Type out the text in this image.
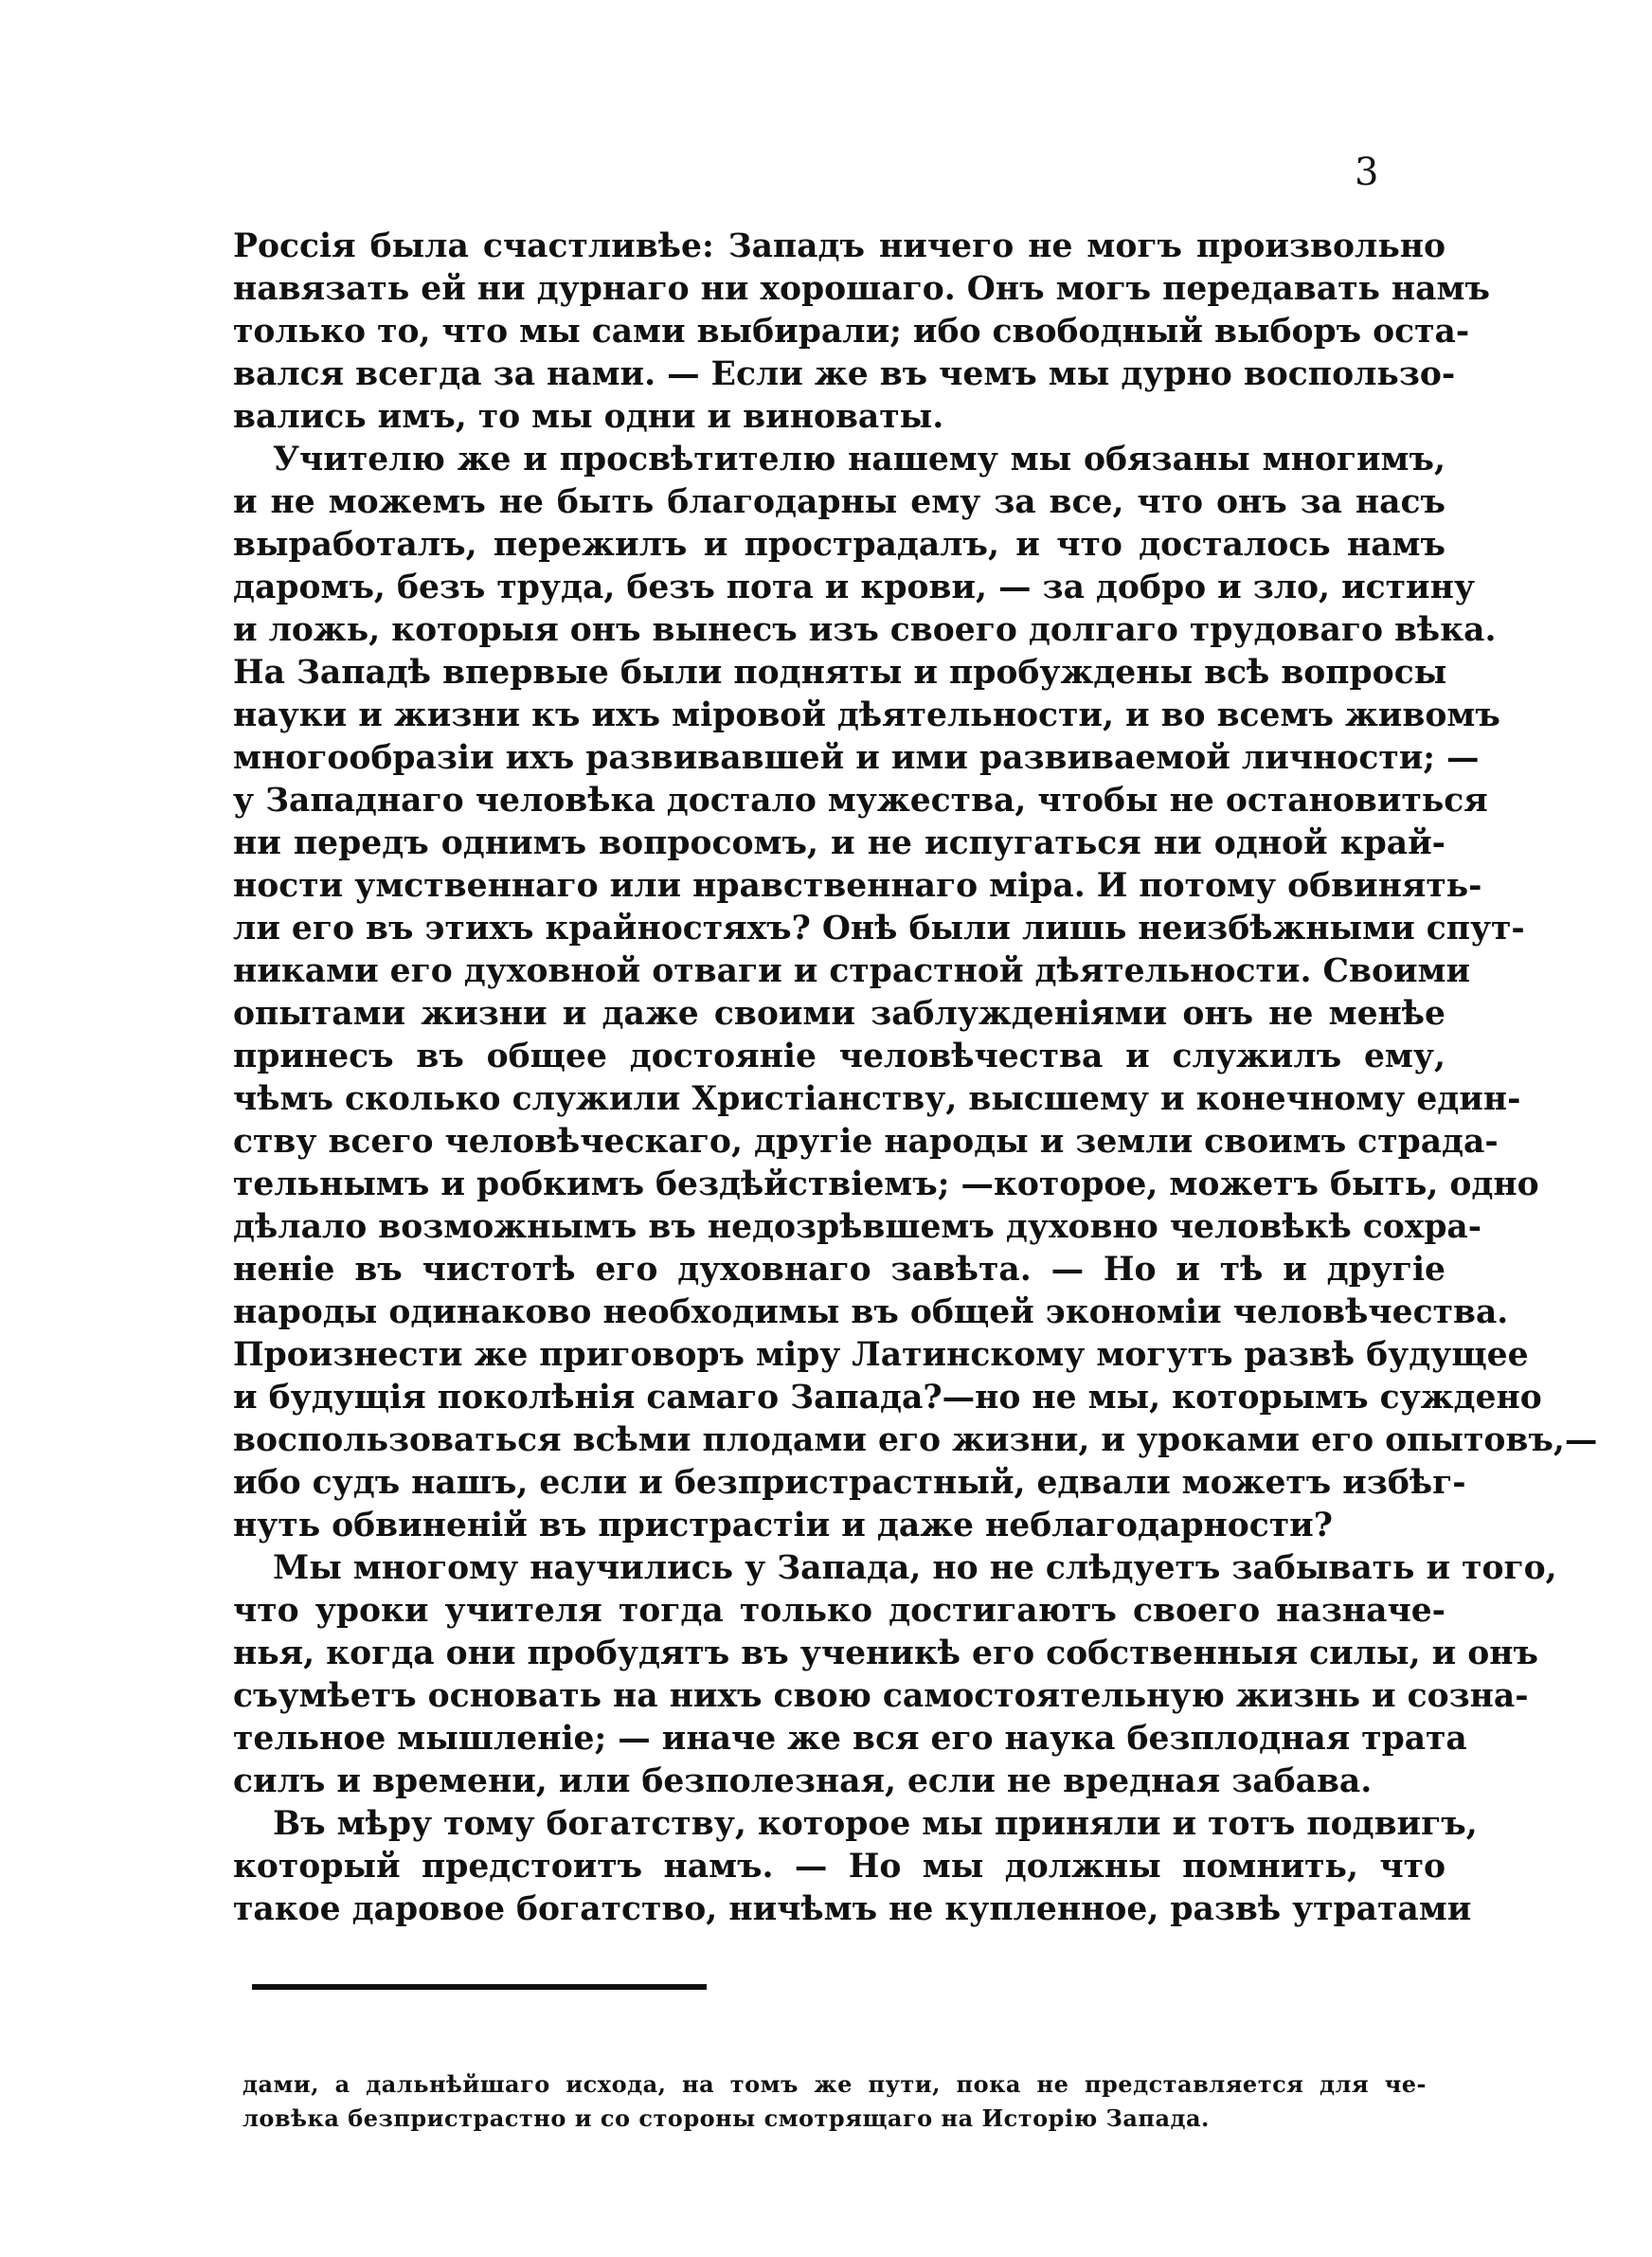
3
Россія была счастливѣе: Западъ ничего не могъ произвольно
навязать ей ни дурнаго ни хорошаго. Онъ могъ передавать намъ
только то, что мы сами выбирали; ибо свободный выборъ оста-
вался всегда за нами. — Если же въ чемъ мы дурно воспользо-
вались имъ, то мы одни и виноваты.
Учителю же и просвѣтителю нашему мы обязаны многимъ,
и не можемъ не быть благодарны ему за все, что онъ за насъ
выработалъ, пережилъ и прострадалъ, и что досталось намъ
даромъ, безъ труда, безъ пота и крови, — за добро и зло, истину
и ложь, которыя онъ вынесъ изъ своего долгаго трудоваго вѣка.
На Западѣ впервые были подняты и пробуждены всѣ вопросы
науки и жизни къ ихъ міровой дѣятельности, и во всемъ живомъ
многообразіи ихъ развивавшей и ими развиваемой личности; —
у Западнаго человѣка достало мужества, чтобы не остановиться
ни передъ однимъ вопросомъ, и не испугаться ни одной край-
ности умственнаго или нравственнаго міра. И потому обвинять-
ли его въ этихъ крайностяхъ? Онѣ были лишь неизбѣжными спут-
никами его духовной отваги и страстной дѣятельности. Своими
опытами жизни и даже своими заблужденіями онъ не менѣе
принесъ въ общее достояніе человѣчества и служилъ ему,
чѣмъ сколько служили Христіанству, высшему и конечному един-
ству всего человѣческаго, другіе народы и земли своимъ страда-
тельнымъ и робкимъ бездѣйствіемъ; —которое, можетъ быть, одно
дѣлало возможнымъ въ недозрѣвшемъ духовно человѣкѣ сохра-
неніе въ чистотѣ его духовнаго завѣта. — Но и тѣ и другіе
народы одинаково необходимы въ общей экономіи человѣчества.
Произнести же приговоръ міру Латинскому могутъ развѣ будущее
и будущія поколѣнія самаго Запада?—но не мы, которымъ суждено
воспользоваться всѣми плодами его жизни, и уроками его опытовъ,—
ибо судъ нашъ, если и безпристрастный, едвали можетъ избѣг-
нуть обвиненій въ пристрастіи и даже неблагодарности?
Мы многому научились у Запада, но не слѣдуетъ забывать и того,
что уроки учителя тогда только достигаютъ своего назначе-
нья, когда они пробудятъ въ ученикѣ его собственныя силы, и онъ
съумѣетъ основать на нихъ свою самостоятельную жизнь и созна-
тельное мышленіе; — иначе же вся его наука безплодная трата
силъ и времени, или безполезная, если не вредная забава.
Въ мѣру тому богатству, которое мы приняли и тотъ подвигъ,
который предстоитъ намъ. — Но мы должны помнить, что
такое даровое богатство, ничѣмъ не купленное, развѣ утратами
дами, а дальнѣйшаго исхода, на томъ же пути, пока не представляется для че-
ловѣка безпристрастно и со стороны смотрящаго на Исторію Запада.
